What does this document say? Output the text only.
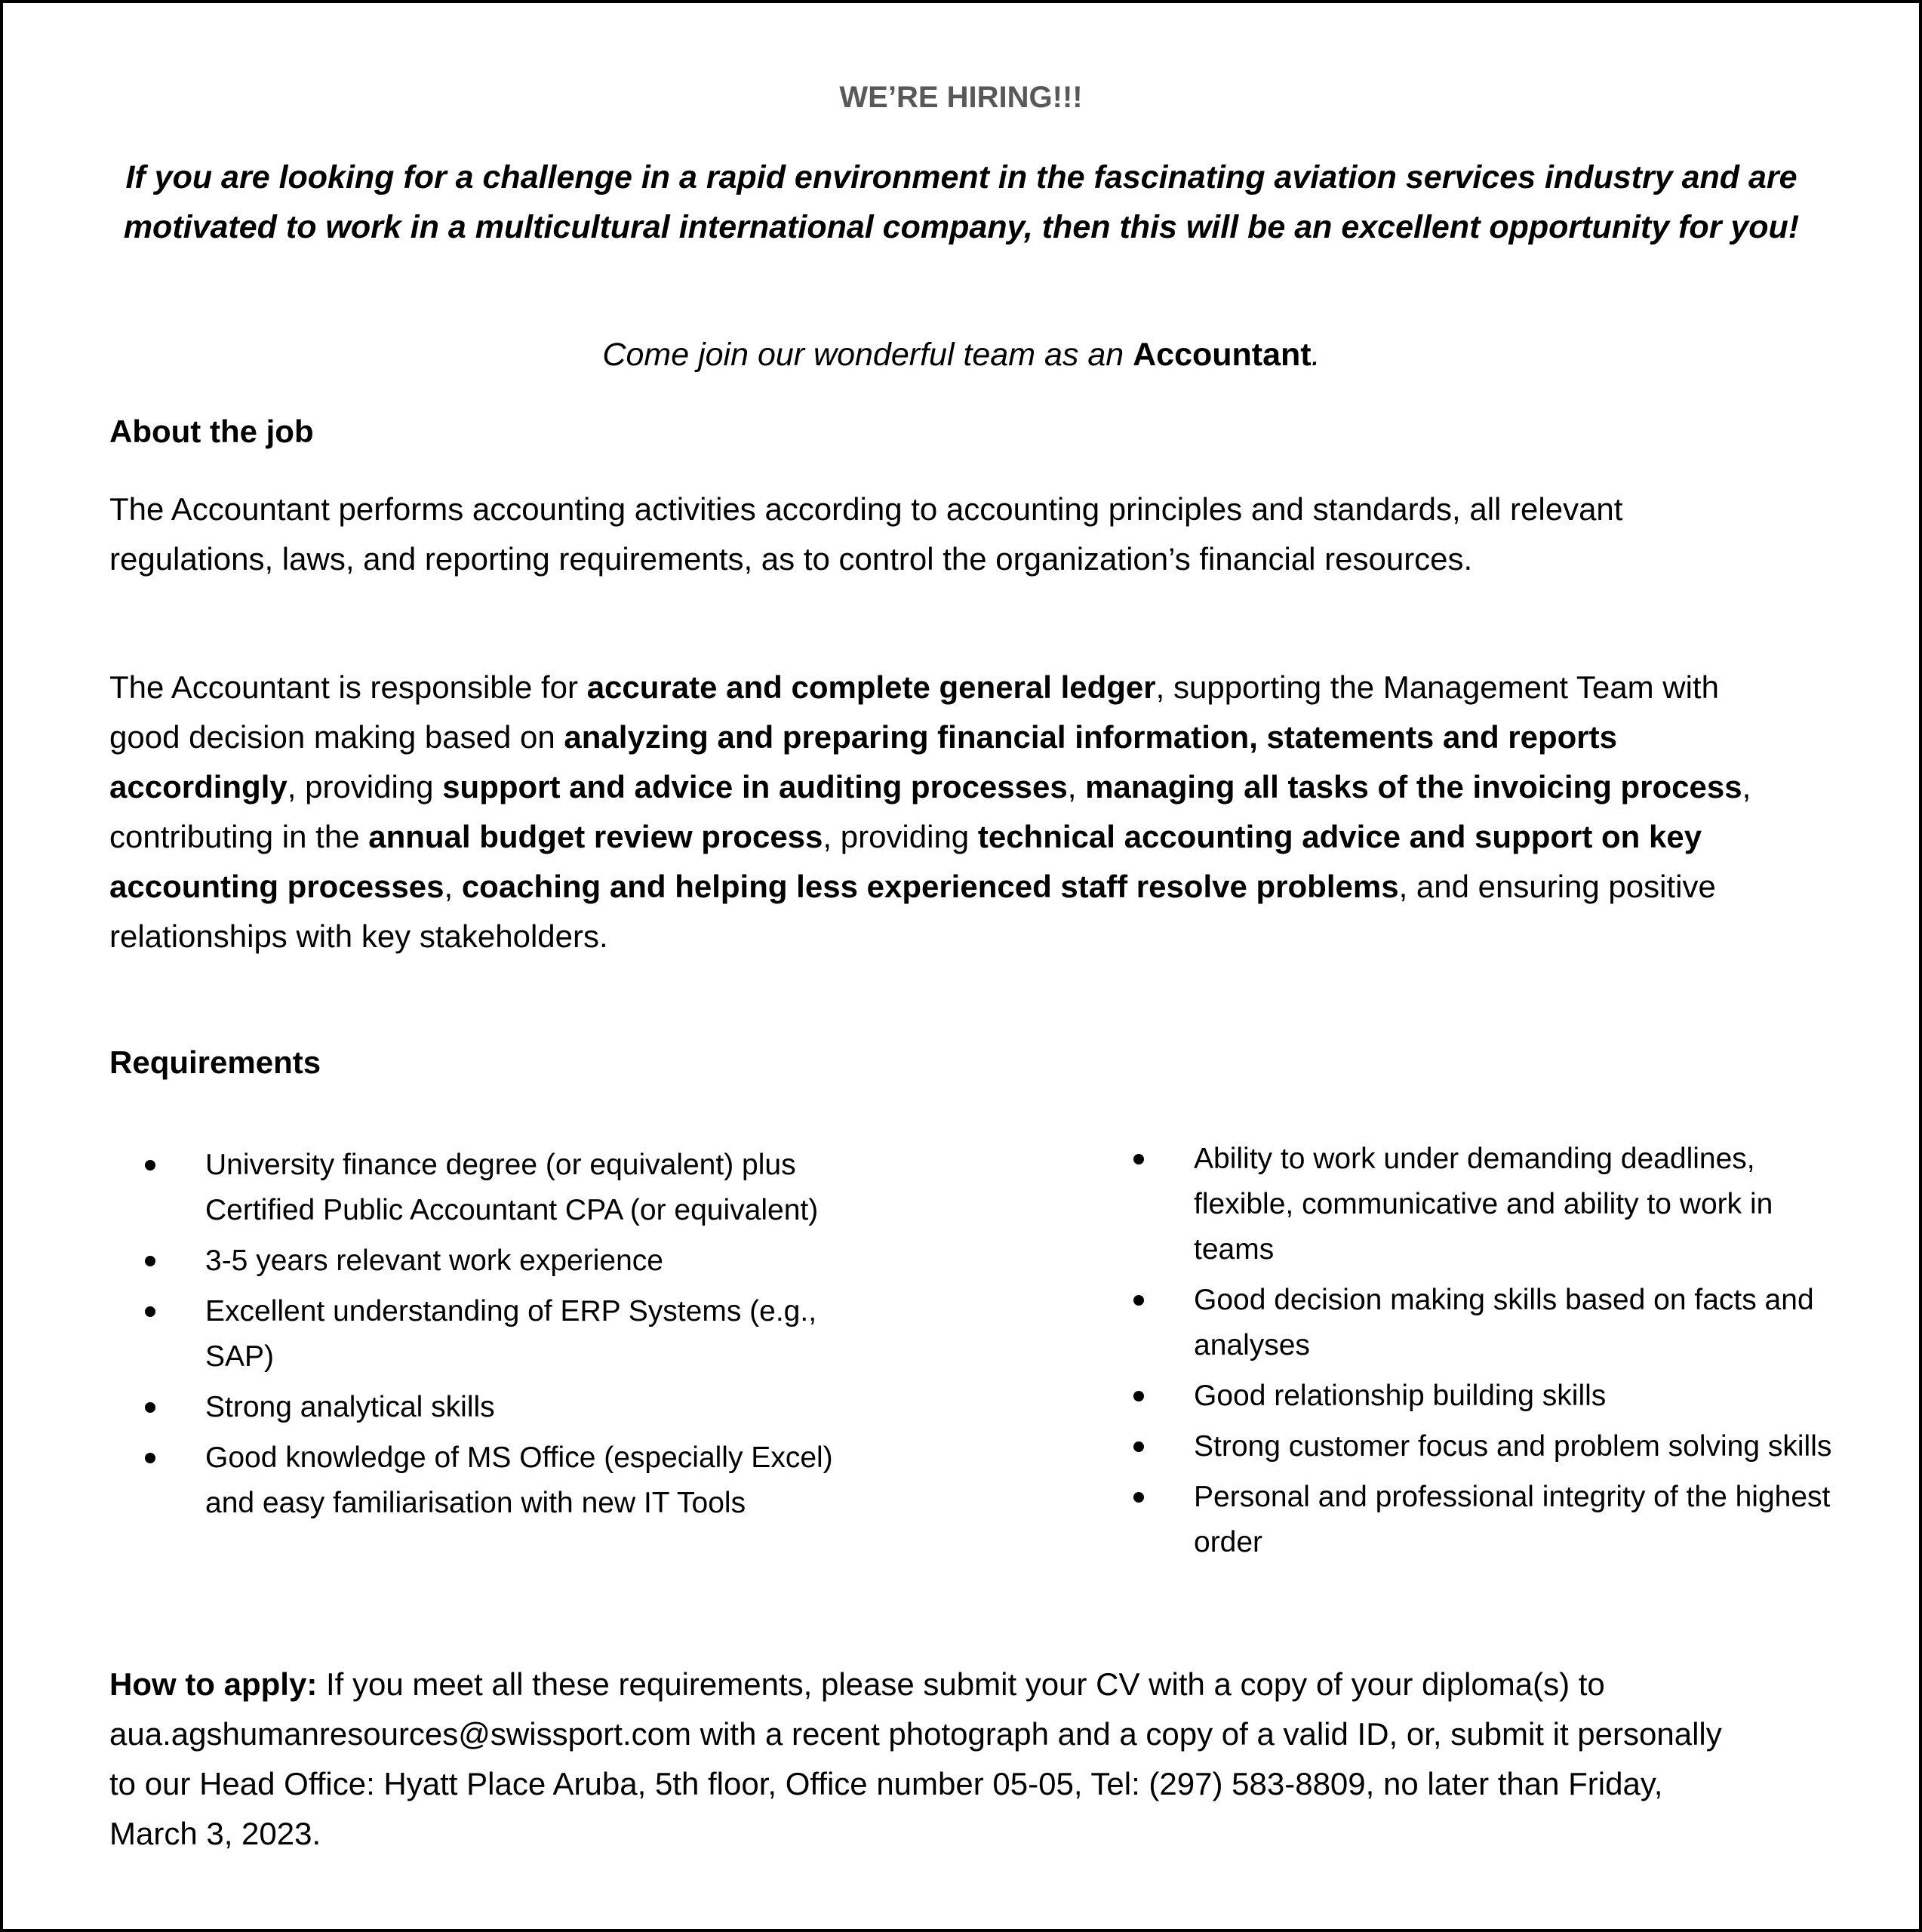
WE’RE HIRING!!!

If you are looking for a challenge in a rapid environment in the fascinating aviation services industry and are motivated to work in a multicultural international company, then this will be an excellent opportunity for you!

Come join our wonderful team as an Accountant.

About the job

The Accountant performs accounting activities according to accounting principles and standards, all relevant regulations, laws, and reporting requirements, as to control the organization’s financial resources.

The Accountant is responsible for accurate and complete general ledger, supporting the Management Team with good decision making based on analyzing and preparing financial information, statements and reports accordingly, providing support and advice in auditing processes, managing all tasks of the invoicing process, contributing in the annual budget review process, providing technical accounting advice and support on key accounting processes, coaching and helping less experienced staff resolve problems, and ensuring positive relationships with key stakeholders.

Requirements

University finance degree (or equivalent) plus Certified Public Accountant CPA (or equivalent)
3-5 years relevant work experience
Excellent understanding of ERP Systems (e.g., SAP)
Strong analytical skills
Good knowledge of MS Office (especially Excel) and easy familiarisation with new IT Tools
Ability to work under demanding deadlines, flexible, communicative and ability to work in teams
Good decision making skills based on facts and analyses
Good relationship building skills
Strong customer focus and problem solving skills
Personal and professional integrity of the highest order

How to apply: If you meet all these requirements, please submit your CV with a copy of your diploma(s) to aua.agshumanresources@swissport.com with a recent photograph and a copy of a valid ID, or, submit it personally to our Head Office: Hyatt Place Aruba, 5th floor, Office number 05-05, Tel: (297) 583-8809, no later than Friday, March 3, 2023.
